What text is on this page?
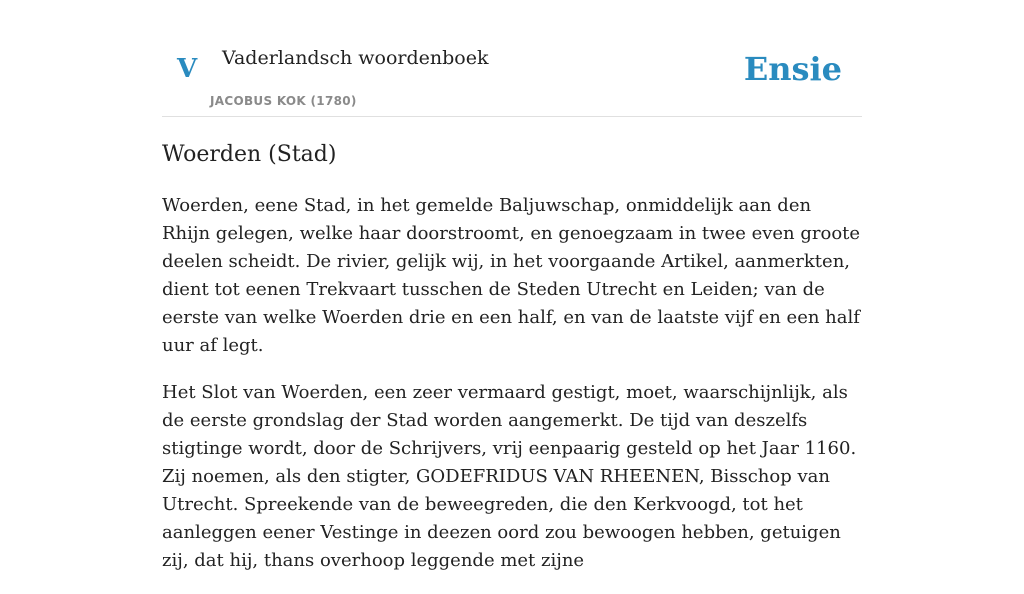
V Vaderlandsch woordenboek
JACOBUS KOK (1780)
Ensie
Woerden (Stad)

Woerden, eene Stad, in het gemelde Baljuwschap, onmiddelijk aan den Rhijn gelegen, welke haar doorstroomt, en genoegzaam in twee even groote deelen scheidt. De rivier, gelijk wij, in het voorgaande Artikel, aanmerkten, dient tot eenen Trekvaart tusschen de Steden Utrecht en Leiden; van de eerste van welke Woerden drie en een half, en van de laatste vijf en een half uur af legt.

Het Slot van Woerden, een zeer vermaard gestigt, moet, waarschijnlijk, als de eerste grondslag der Stad worden aangemerkt. De tijd van deszelfs stigtinge wordt, door de Schrijvers, vrij eenpaarig gesteld op het Jaar 1160. Zij noemen, als den stigter, GODEFRIDUS VAN RHEENEN, Bisschop van Utrecht. Spreekende van de beweegreden, die den Kerkvoogd, tot het aanleggen eener Vestinge in deezen oord zou bewoogen hebben, getuigen zij, dat hij, thans overhoop leggende met zijne
